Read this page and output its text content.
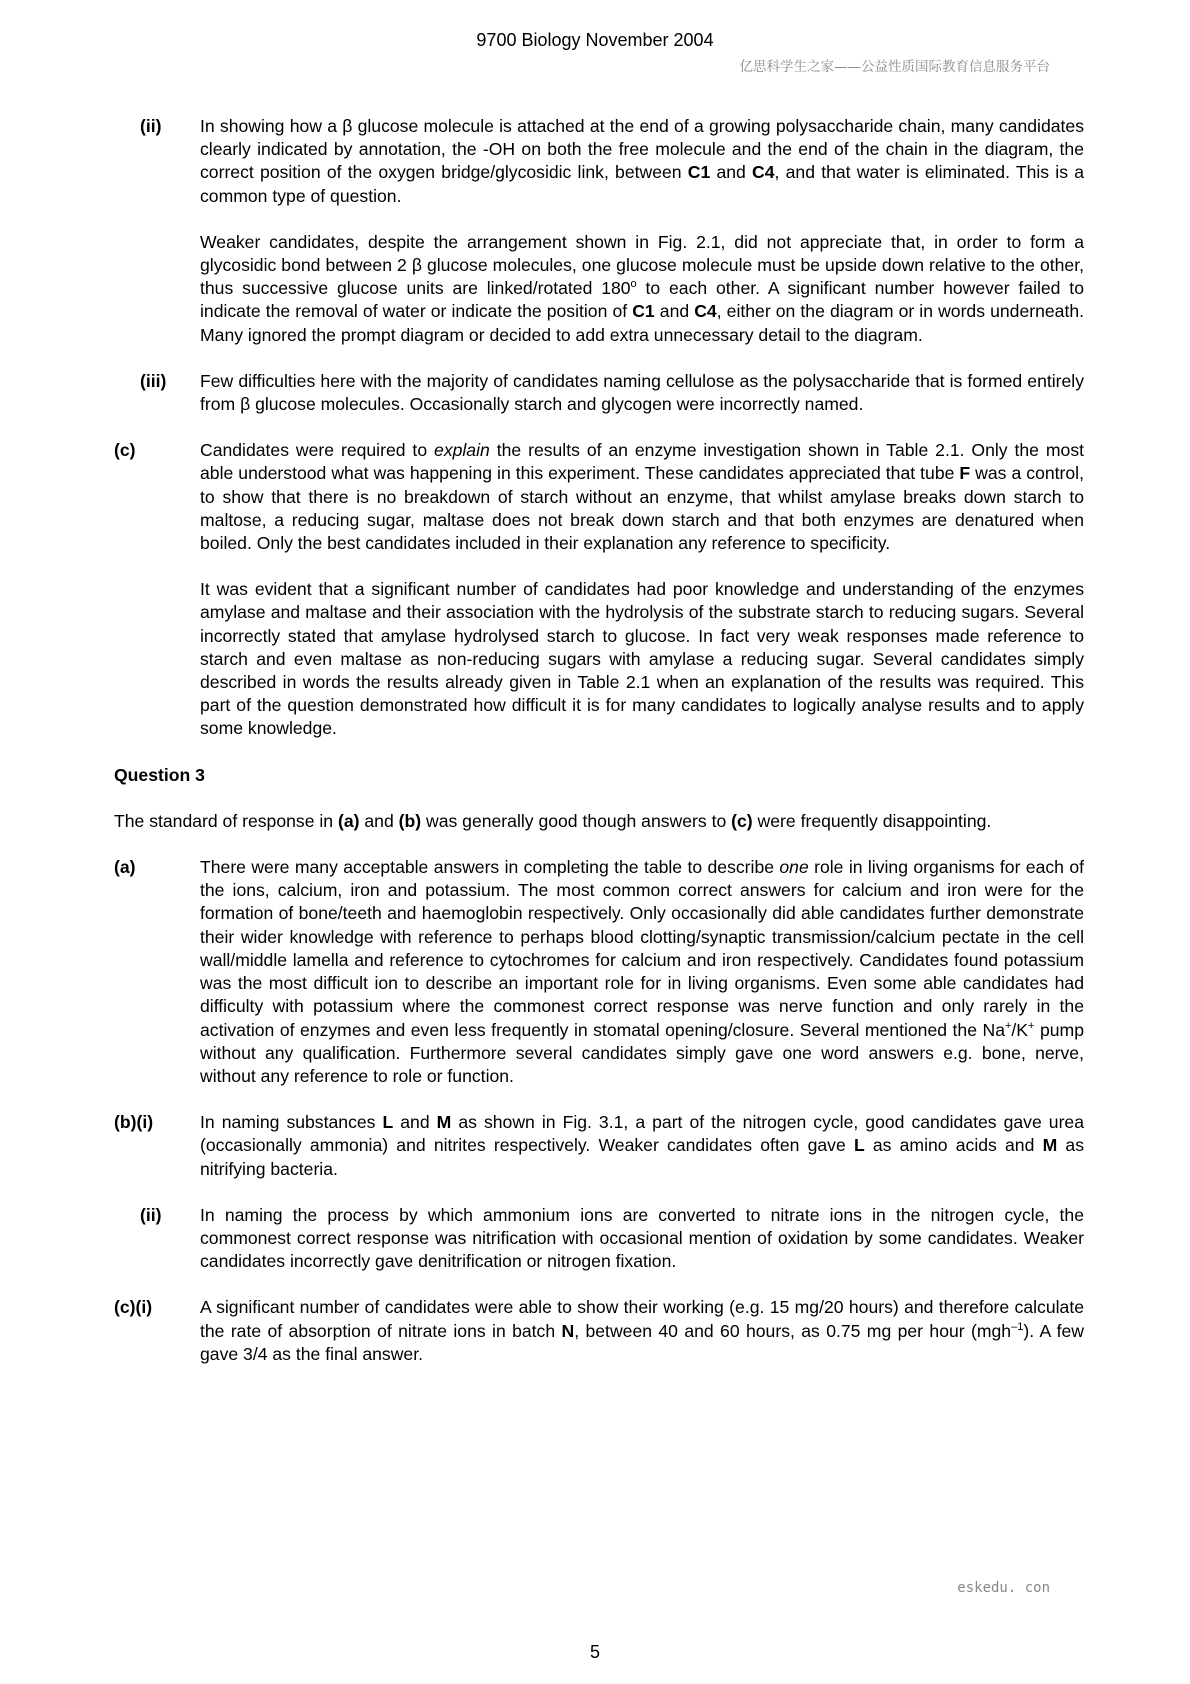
9700 Biology November 2004
亿思科学生之家——公益性质国际教育信息服务平台
(ii) In showing how a β glucose molecule is attached at the end of a growing polysaccharide chain, many candidates clearly indicated by annotation, the -OH on both the free molecule and the end of the chain in the diagram, the correct position of the oxygen bridge/glycosidic link, between C1 and C4, and that water is eliminated. This is a common type of question.
Weaker candidates, despite the arrangement shown in Fig. 2.1, did not appreciate that, in order to form a glycosidic bond between 2 β glucose molecules, one glucose molecule must be upside down relative to the other, thus successive glucose units are linked/rotated 180$^o$ to each other. A significant number however failed to indicate the removal of water or indicate the position of C1 and C4, either on the diagram or in words underneath. Many ignored the prompt diagram or decided to add extra unnecessary detail to the diagram.
(iii) Few difficulties here with the majority of candidates naming cellulose as the polysaccharide that is formed entirely from β glucose molecules. Occasionally starch and glycogen were incorrectly named.
(c)	Candidates were required to explain the results of an enzyme investigation shown in Table 2.1. Only the most able understood what was happening in this experiment. These candidates appreciated that tube F was a control, to show that there is no breakdown of starch without an enzyme, that whilst amylase breaks down starch to maltose, a reducing sugar, maltase does not break down starch and that both enzymes are denatured when boiled. Only the best candidates included in their explanation any reference to specificity.
It was evident that a significant number of candidates had poor knowledge and understanding of the enzymes amylase and maltase and their association with the hydrolysis of the substrate starch to reducing sugars. Several incorrectly stated that amylase hydrolysed starch to glucose. In fact very weak responses made reference to starch and even maltase as non-reducing sugars with amylase a reducing sugar. Several candidates simply described in words the results already given in Table 2.1 when an explanation of the results was required. This part of the question demonstrated how difficult it is for many candidates to logically analyse results and to apply some knowledge.
Question 3
The standard of response in (a) and (b) was generally good though answers to (c) were frequently disappointing.
(a)	There were many acceptable answers in completing the table to describe one role in living organisms for each of the ions, calcium, iron and potassium. The most common correct answers for calcium and iron were for the formation of bone/teeth and haemoglobin respectively. Only occasionally did able candidates further demonstrate their wider knowledge with reference to perhaps blood clotting/synaptic transmission/calcium pectate in the cell wall/middle lamella and reference to cytochromes for calcium and iron respectively. Candidates found potassium was the most difficult ion to describe an important role for in living organisms. Even some able candidates had difficulty with potassium where the commonest correct response was nerve function and only rarely in the activation of enzymes and even less frequently in stomatal opening/closure. Several mentioned the Na+/K+ pump without any qualification. Furthermore several candidates simply gave one word answers e.g. bone, nerve, without any reference to role or function.
(b)(i)	In naming substances L and M as shown in Fig. 3.1, a part of the nitrogen cycle, good candidates gave urea (occasionally ammonia) and nitrites respectively. Weaker candidates often gave L as amino acids and M as nitrifying bacteria.
(ii) In naming the process by which ammonium ions are converted to nitrate ions in the nitrogen cycle, the commonest correct response was nitrification with occasional mention of oxidation by some candidates. Weaker candidates incorrectly gave denitrification or nitrogen fixation.
(c)(i)	A significant number of candidates were able to show their working (e.g. 15 mg/20 hours) and therefore calculate the rate of absorption of nitrate ions in batch N, between 40 and 60 hours, as 0.75 mg per hour (mgh$^{-1}$). A few gave 3/4 as the final answer.
eskedu. con
5
